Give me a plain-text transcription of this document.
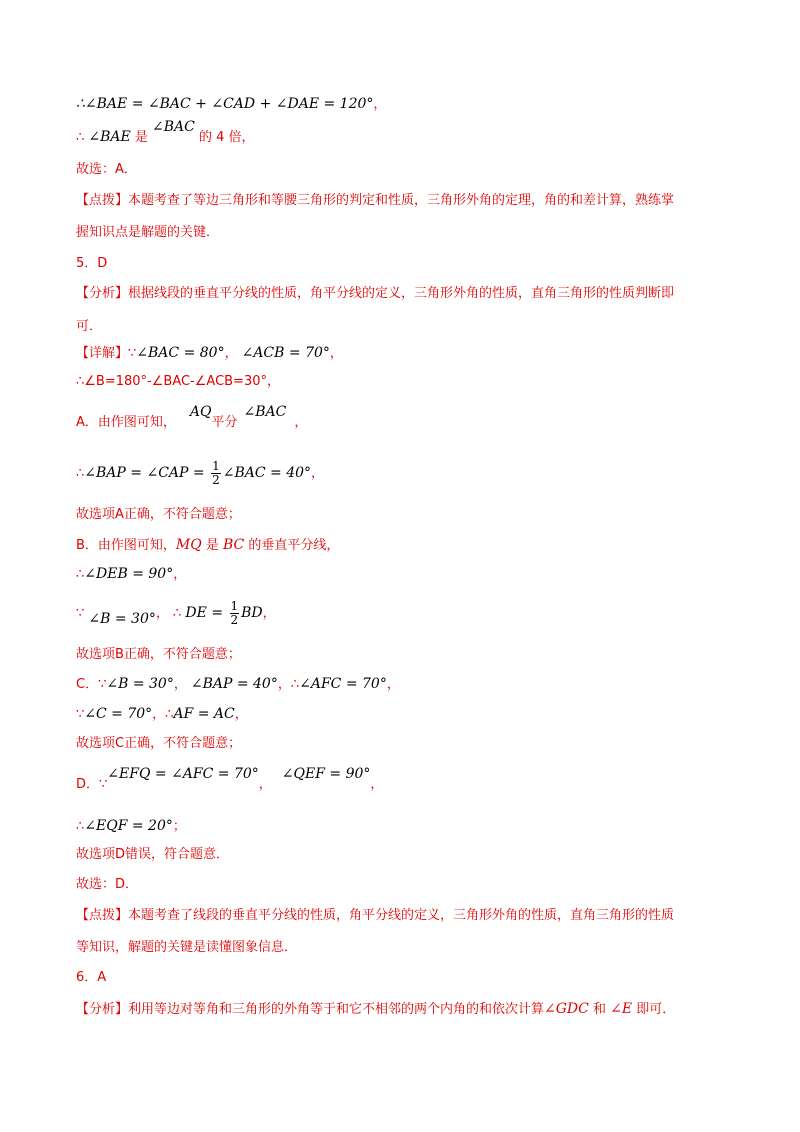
∴∠BAE = ∠BAC + ∠CAD + ∠DAE = 120°，
∴ ∠BAE 是 ∠BAC 的 4 倍，
故选：A．
【点拨】本题考查了等边三角形和等腰三角形的判定和性质，三角形外角的定理，角的和差计算，熟练掌
握知识点是解题的关键．
5．D
【分析】根据线段的垂直平分线的性质，角平分线的定义，三角形外角的性质，直角三角形的性质判断即
可．
【详解】∵∠BAC = 80°， ∠ACB = 70°，
∴∠B=180°-∠BAC-∠ACB=30°，
A．由作图可知，AQ平分∠BAC，
∴∠BAP = ∠CAP = $\frac{1}{2}$ ∠BAC = 40°，
故选项A正确，不符合题意；
B．由作图可知，MQ 是 BC 的垂直平分线，
∴∠DEB = 90°，
∵ ∠B = 30°， ∴ DE = $\frac{1}{2}$ BD，
故选项B正确，不符合题意；
C．∵∠B = 30°， ∠BAP = 40°，∴∠AFC = 70°，
∵∠C = 70°，∴AF = AC，
故选项C正确，不符合题意；
D．∵∠EFQ = ∠AFC = 70°，∠QEF = 90°，
∴∠EQF = 20°；
故选项D错误，符合题意．
故选：D．
【点拨】本题考查了线段的垂直平分线的性质，角平分线的定义，三角形外角的性质，直角三角形的性质
等知识，解题的关键是读懂图象信息．
6．A
【分析】利用等边对等角和三角形的外角等于和它不相邻的两个内角的和依次计算∠GDC 和 ∠E 即可．
